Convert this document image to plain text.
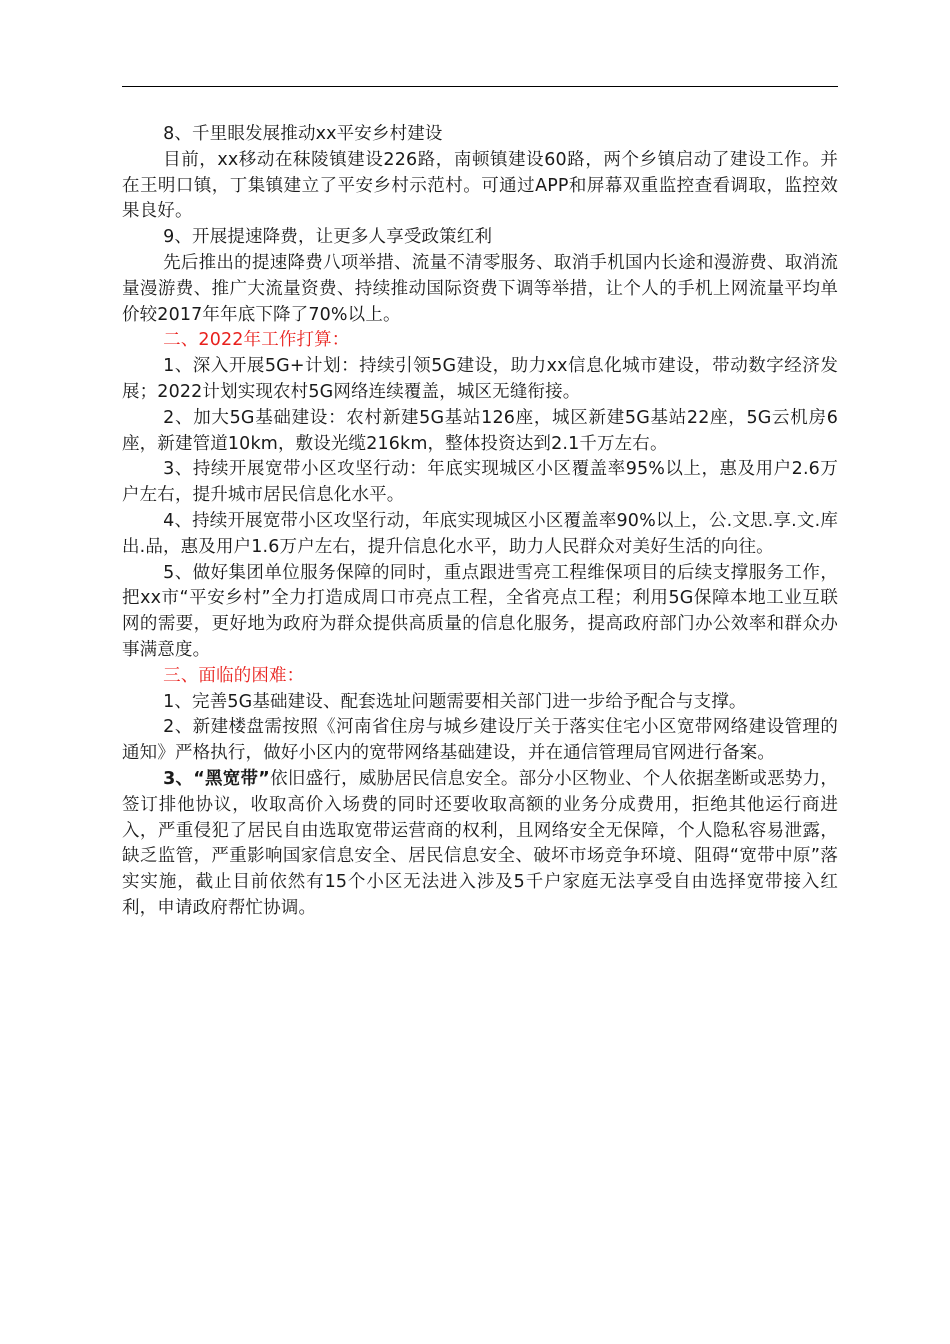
8、千里眼发展推动xx平安乡村建设

目前，xx移动在秣陵镇建设226路，南顿镇建设60路，两个乡镇启动了建设工作。并在王明口镇，丁集镇建立了平安乡村示范村。可通过APP和屏幕双重监控查看调取，监控效果良好。

9、开展提速降费，让更多人享受政策红利

先后推出的提速降费八项举措、流量不清零服务、取消手机国内长途和漫游费、取消流量漫游费、推广大流量资费、持续推动国际资费下调等举措，让个人的手机上网流量平均单价较2017年年底下降了70%以上。

二、2022年工作打算：

1、深入开展5G+计划：持续引领5G建设，助力xx信息化城市建设，带动数字经济发展；2022计划实现农村5G网络连续覆盖，城区无缝衔接。

2、加大5G基础建设：农村新建5G基站126座，城区新建5G基站22座，5G云机房6座，新建管道10km，敷设光缆216km，整体投资达到2.1千万左右。

3、持续开展宽带小区攻坚行动：年底实现城区小区覆盖率95%以上，惠及用户2.6万户左右，提升城市居民信息化水平。

4、持续开展宽带小区攻坚行动，年底实现城区小区覆盖率90%以上，公.文思.享.文.库出.品，惠及用户1.6万户左右，提升信息化水平，助力人民群众对美好生活的向往。

5、做好集团单位服务保障的同时，重点跟进雪亮工程维保项目的后续支撑服务工作，把xx市“平安乡村”全力打造成周口市亮点工程，全省亮点工程；利用5G保障本地工业互联网的需要，更好地为政府为群众提供高质量的信息化服务，提高政府部门办公效率和群众办事满意度。

三、面临的困难：

1、完善5G基础建设、配套选址问题需要相关部门进一步给予配合与支撑。

2、新建楼盘需按照《河南省住房与城乡建设厅关于落实住宅小区宽带网络建设管理的通知》严格执行，做好小区内的宽带网络基础建设，并在通信管理局官网进行备案。

3、“黑宽带”依旧盛行，威胁居民信息安全。部分小区物业、个人依据垄断或恶势力，签订排他协议，收取高价入场费的同时还要收取高额的业务分成费用，拒绝其他运行商进入，严重侵犯了居民自由选取宽带运营商的权利，且网络安全无保障，个人隐私容易泄露，缺乏监管，严重影响国家信息安全、居民信息安全、破坏市场竞争环境、阻碍“宽带中原”落实实施，截止目前依然有15个小区无法进入涉及5千户家庭无法享受自由选择宽带接入红利，申请政府帮忙协调。
